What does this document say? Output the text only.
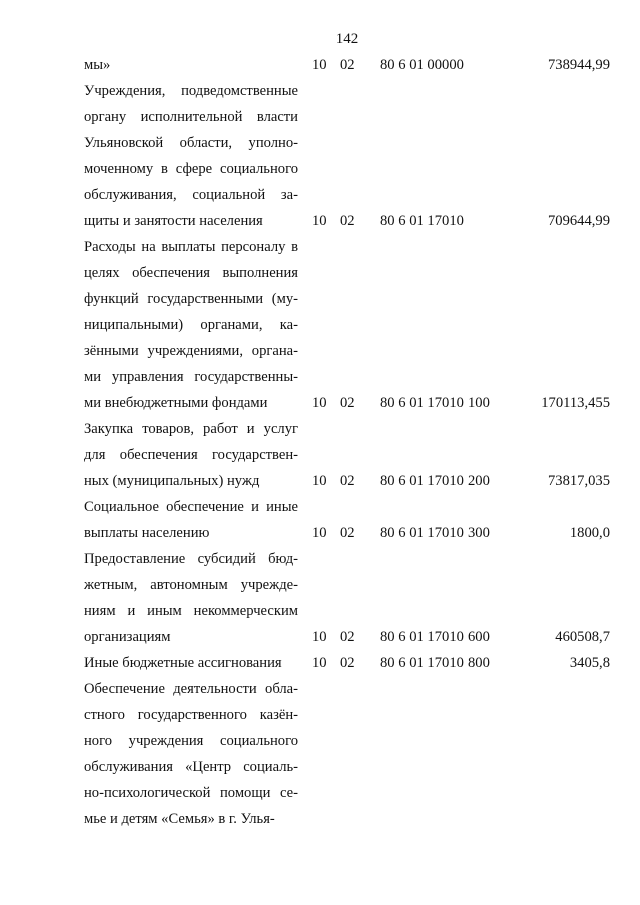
142
мы»	10 02 80 6 01 00000	738944,99
Учреждения, подведомственные
органу исполнительной власти
Ульяновской области, уполно-
моченному в сфере социального
обслуживания, социальной за-
щиты и занятости населения	10 02 80 6 01 17010	709644,99
Расходы на выплаты персоналу в
целях обеспечения выполнения
функций государственными (му-
ниципальными) органами, ка-
зёнными учреждениями, органа-
ми управления государственны-
ми внебюджетными фондами	10 02 80 6 01 17010 100	170113,455
Закупка товаров, работ и услуг
для обеспечения государствен-
ных (муниципальных) нужд	10 02 80 6 01 17010 200	73817,035
Социальное обеспечение и иные
выплаты населению	10 02 80 6 01 17010 300	1800,0
Предоставление субсидий бюд-
жетным, автономным учрежде-
ниям и иным некоммерческим
организациям	10 02 80 6 01 17010 600	460508,7
Иные бюджетные ассигнования	10 02 80 6 01 17010 800	3405,8
Обеспечение деятельности обла-
стного государственного казён-
ного учреждения социального
обслуживания «Центр социаль-
но-психологической помощи се-
мье и детям «Семья» в г. Улья-
